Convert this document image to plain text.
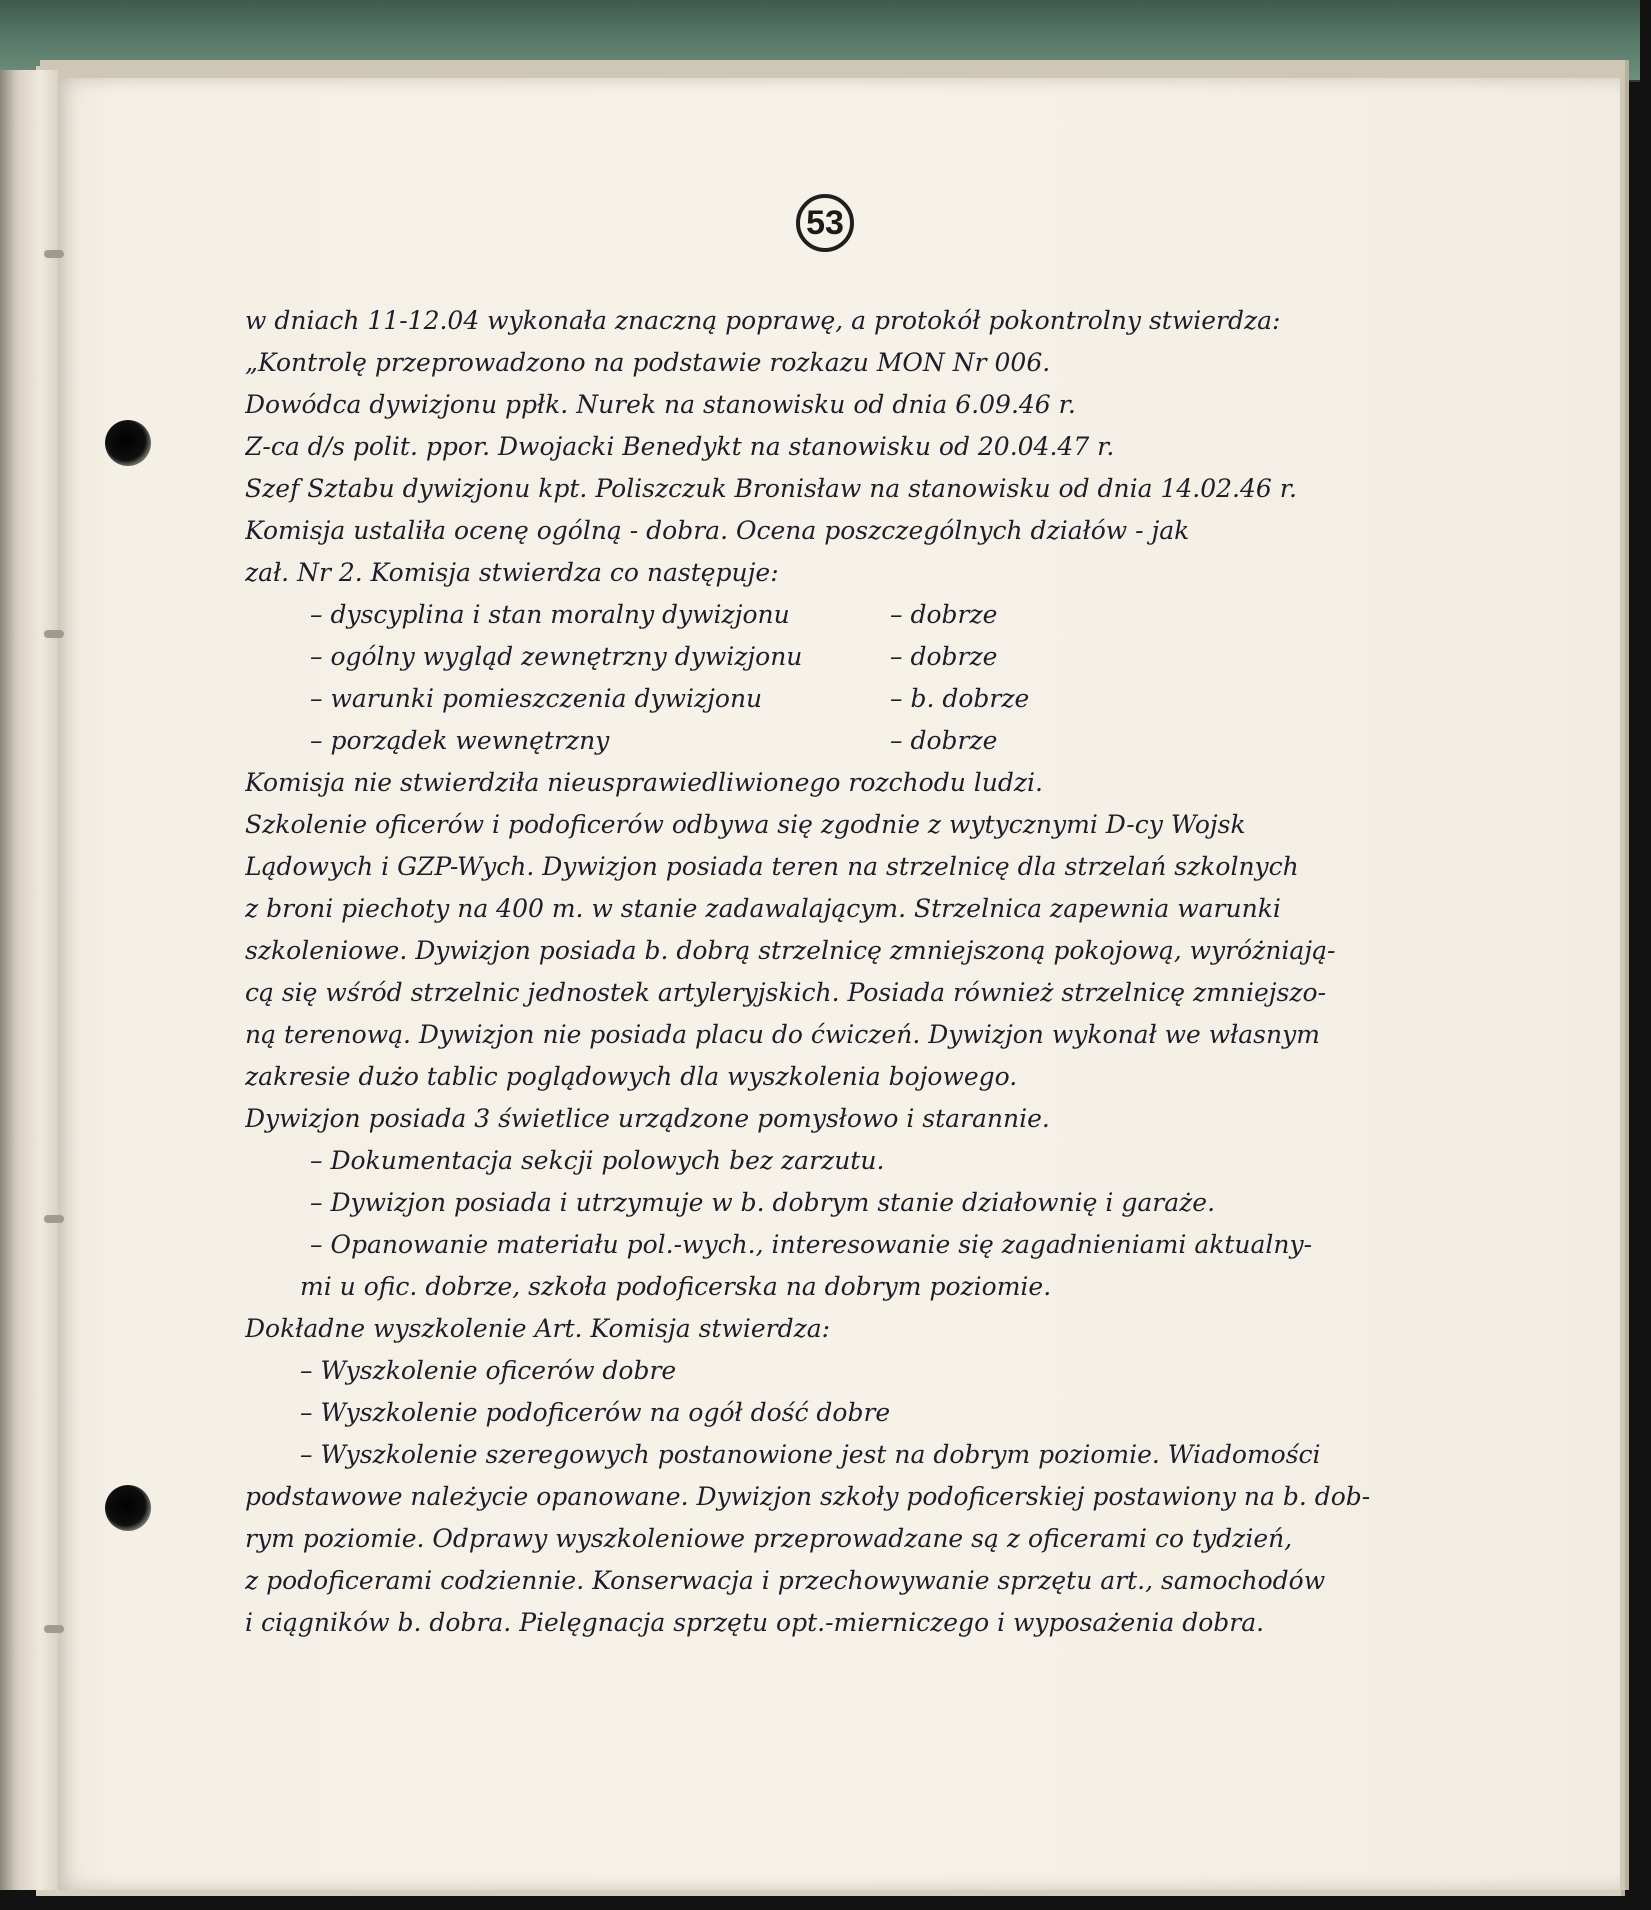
53
w dniach 11-12.04 wykonała znaczną poprawę, a protokół pokontrolny stwierdza:
„Kontrolę przeprowadzono na podstawie rozkazu MON Nr 006.
Dowódca dywizjonu ppłk. Nurek na stanowisku od dnia 6.09.46 r.
Z-ca d/s polit. ppor. Dwojacki Benedykt na stanowisku od 20.04.47 r.
Szef Sztabu dywizjonu kpt. Poliszczuk Bronisław na stanowisku od dnia 14.02.46 r.
Komisja ustaliła ocenę ogólną - dobra. Ocena poszczególnych działów - jak
zał. Nr 2. Komisja stwierdza co następuje:
– dyscyplina i stan moralny dywizjonu	– dobrze
– ogólny wygląd zewnętrzny dywizjonu	– dobrze
– warunki pomieszczenia dywizjonu	– b. dobrze
– porządek wewnętrzny	– dobrze
Komisja nie stwierdziła nieusprawiedliwionego rozchodu ludzi.
Szkolenie oficerów i podoficerów odbywa się zgodnie z wytycznymi D-cy Wojsk
Lądowych i GZP-Wych. Dywizjon posiada teren na strzelnicę dla strzelań szkolnych
z broni piechoty na 400 m. w stanie zadawalającym. Strzelnica zapewnia warunki
szkoleniowe. Dywizjon posiada b. dobrą strzelnicę zmniejszoną pokojową, wyróżniają-
cą się wśród strzelnic jednostek artyleryjskich. Posiada również strzelnicę zmniejszo-
ną terenową. Dywizjon nie posiada placu do ćwiczeń. Dywizjon wykonał we własnym
zakresie dużo tablic poglądowych dla wyszkolenia bojowego.
Dywizjon posiada 3 świetlice urządzone pomysłowo i starannie.
– Dokumentacja sekcji polowych bez zarzutu.
– Dywizjon posiada i utrzymuje w b. dobrym stanie działownię i garaże.
– Opanowanie materiału pol.-wych., interesowanie się zagadnieniami aktualny-
mi u ofic. dobrze, szkoła podoficerska na dobrym poziomie.
Dokładne wyszkolenie Art. Komisja stwierdza:
– Wyszkolenie oficerów dobre
– Wyszkolenie podoficerów na ogół dość dobre
– Wyszkolenie szeregowych postanowione jest na dobrym poziomie. Wiadomości
podstawowe należycie opanowane. Dywizjon szkoły podoficerskiej postawiony na b. dob-
rym poziomie. Odprawy wyszkoleniowe przeprowadzane są z oficerami co tydzień,
z podoficerami codziennie. Konserwacja i przechowywanie sprzętu art., samochodów
i ciągników b. dobra. Pielęgnacja sprzętu opt.-mierniczego i wyposażenia dobra.
